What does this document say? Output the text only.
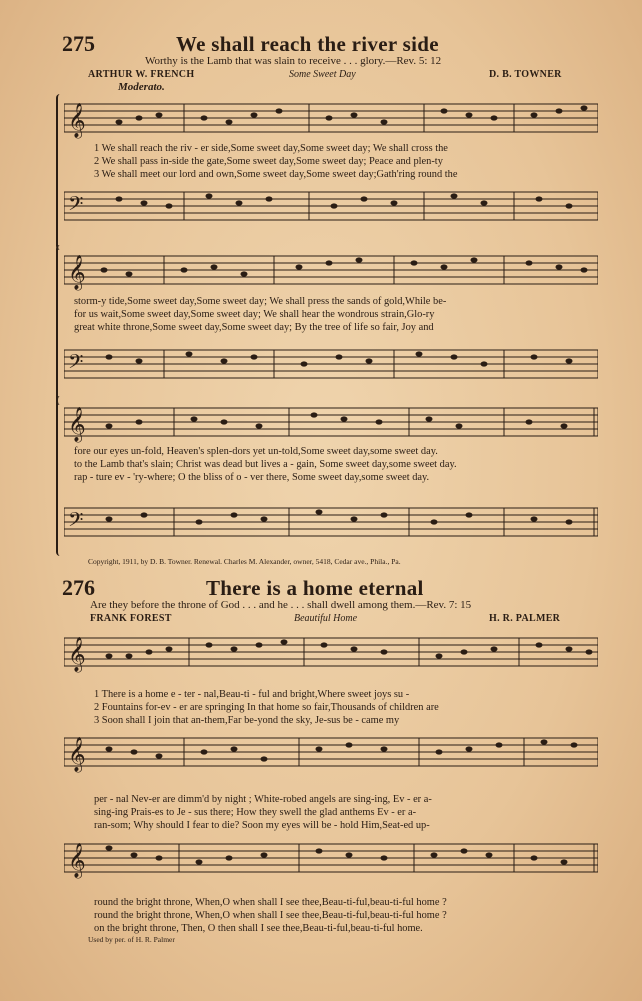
275	We shall reach the river side
Worthy is the Lamb that was slain to receive . . . glory.—Rev. 5: 12
ARTHUR W. FRENCH	Some Sweet Day	D. B. TOWNER
Moderato.
𝄞
1 We shall reach the riv - er side,Some sweet day,Some sweet day; We shall cross the
2 We shall pass in-side the gate,Some sweet day,Some sweet day; Peace and plen-ty
3 We shall meet our lord and own,Some sweet day,Some sweet day;Gath'ring round the
𝄢
𝄞
storm-y tide,Some sweet day,Some sweet day; We shall press the sands of gold,While be-
for us wait,Some sweet day,Some sweet day; We shall hear the wondrous strain,Glo-ry
great white throne,Some sweet day,Some sweet day; By the tree of life so fair, Joy and
𝄢
𝄞
fore our eyes un-fold, Heaven's splen-dors yet un-told,Some sweet day,some sweet day.
to the Lamb that's slain; Christ was dead but lives a - gain, Some sweet day,some sweet day.
rap - ture ev - 'ry-where; O the bliss of o - ver there, Some sweet day,some sweet day.
𝄢
Copyright, 1911, by D. B. Towner. Renewal. Charles M. Alexander, owner, 5418, Cedar ave., Phila., Pa.
276	There is a home eternal
Are they before the throne of God . . . and he . . . shall dwell among them.—Rev. 7: 15
FRANK FOREST	Beautiful Home	H. R. PALMER
𝄞
1 There is a home e - ter - nal,Beau-ti - ful and bright,Where sweet joys su -
2 Fountains for-ev - er are springing In that home so fair,Thousands of children are
3 Soon shall I join that an-them,Far be-yond the sky, Je-sus be - came my
𝄞
per - nal Nev-er are dimm'd by night ; White-robed angels are sing-ing, Ev - er a-
sing-ing Prais-es to Je - sus there; How they swell the glad anthems Ev - er a-
ran-som; Why should I fear to die? Soon my eyes will be - hold Him,Seat-ed up-
𝄞
round the bright throne, When,O when shall I see thee,Beau-ti-ful,beau-ti-ful home ?
round the bright throne, When,O when shall I see thee,Beau-ti-ful,beau-ti-ful home ?
on the bright throne, Then, O then shall I see thee,Beau-ti-ful,beau-ti-ful home.
Used by per. of H. R. Palmer
